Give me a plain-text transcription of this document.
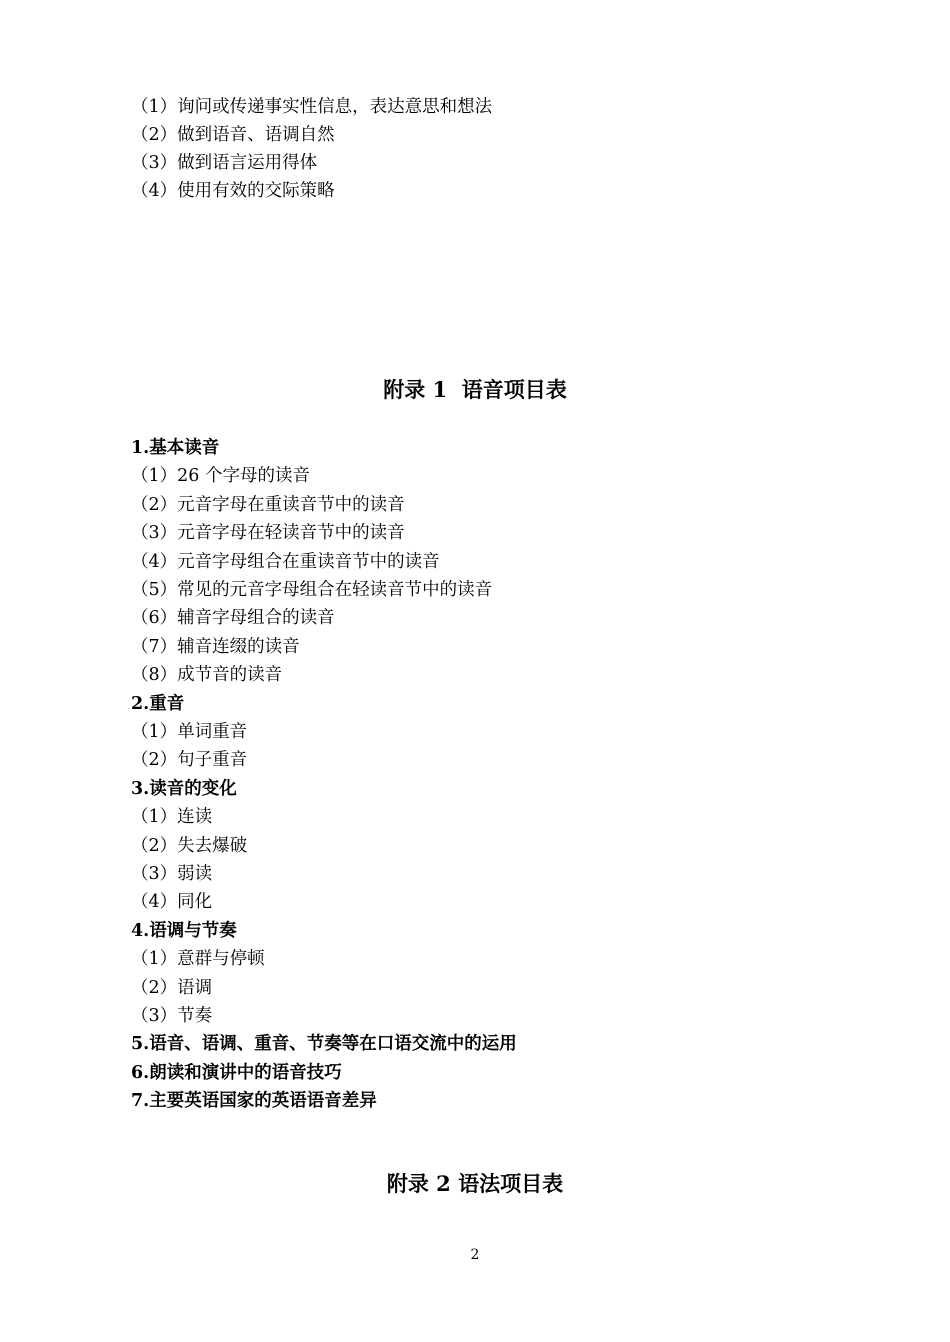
（1）询问或传递事实性信息，表达意思和想法
（2）做到语音、语调自然
（3）做到语言运用得体
（4）使用有效的交际策略
附录 1  语音项目表
1.基本读音
（1）26 个字母的读音
（2）元音字母在重读音节中的读音
（3）元音字母在轻读音节中的读音
（4）元音字母组合在重读音节中的读音
（5）常见的元音字母组合在轻读音节中的读音
（6）辅音字母组合的读音
（7）辅音连缀的读音
（8）成节音的读音
2.重音
（1）单词重音
（2）句子重音
3.读音的变化
（1）连读
（2）失去爆破
（3）弱读
（4）同化
4.语调与节奏
（1）意群与停顿
（2）语调
（3）节奏
5.语音、语调、重音、节奏等在口语交流中的运用
6.朗读和演讲中的语音技巧
7.主要英语国家的英语语音差异
附录 2 语法项目表
2
